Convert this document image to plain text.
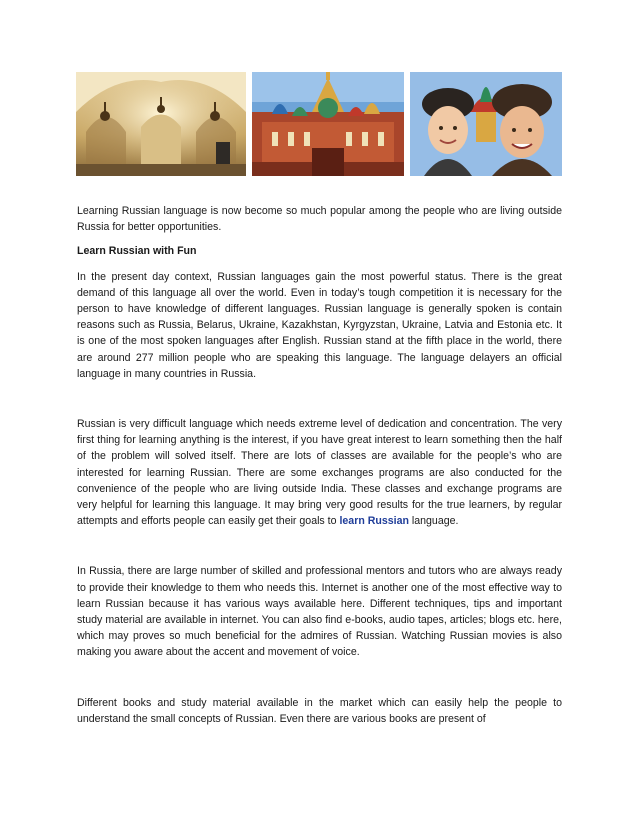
Learning Russian language is now become so much popular among the people who are living outside Russia for better opportunities.

Learn Russian with Fun

In the present day context, Russian languages gain the most powerful status. There is the great demand of this language all over the world. Even in today’s tough competition it is necessary for the person to have knowledge of different languages. Russian language is generally spoken is contain reasons such as Russia, Belarus, Ukraine, Kazakhstan, Kyrgyzstan, Ukraine, Latvia and Estonia etc. It is one of the most spoken languages after English. Russian stand at the fifth place in the world, there are around 277 million people who are speaking this language. The language delayers an official language in many countries in Russia.

Russian is very difficult language which needs extreme level of dedication and concentration. The very first thing for learning anything is the interest, if you have great interest to learn something then the half of the problem will solved itself. There are lots of classes are available for the people’s who are interested for learning Russian. There are some exchanges programs are also conducted for the convenience of the people who are living outside India. These classes and exchange programs are very helpful for learning this language. It may bring very good results for the true learners, by regular attempts and efforts people can easily get their goals to learn Russian language.

In Russia, there are large number of skilled and professional mentors and tutors who are always ready to provide their knowledge to them who needs this. Internet is another one of the most effective way to learn Russian because it has various ways available here. Different techniques, tips and important study material are available in internet. You can also find e-books, audio tapes, articles; blogs etc. here, which may proves so much beneficial for the admires of Russian. Watching Russian movies is also making you aware about the accent and movement of voice.

Different books and study material available in the market which can easily help the people to understand the small concepts of Russian. Even there are various books are present of
